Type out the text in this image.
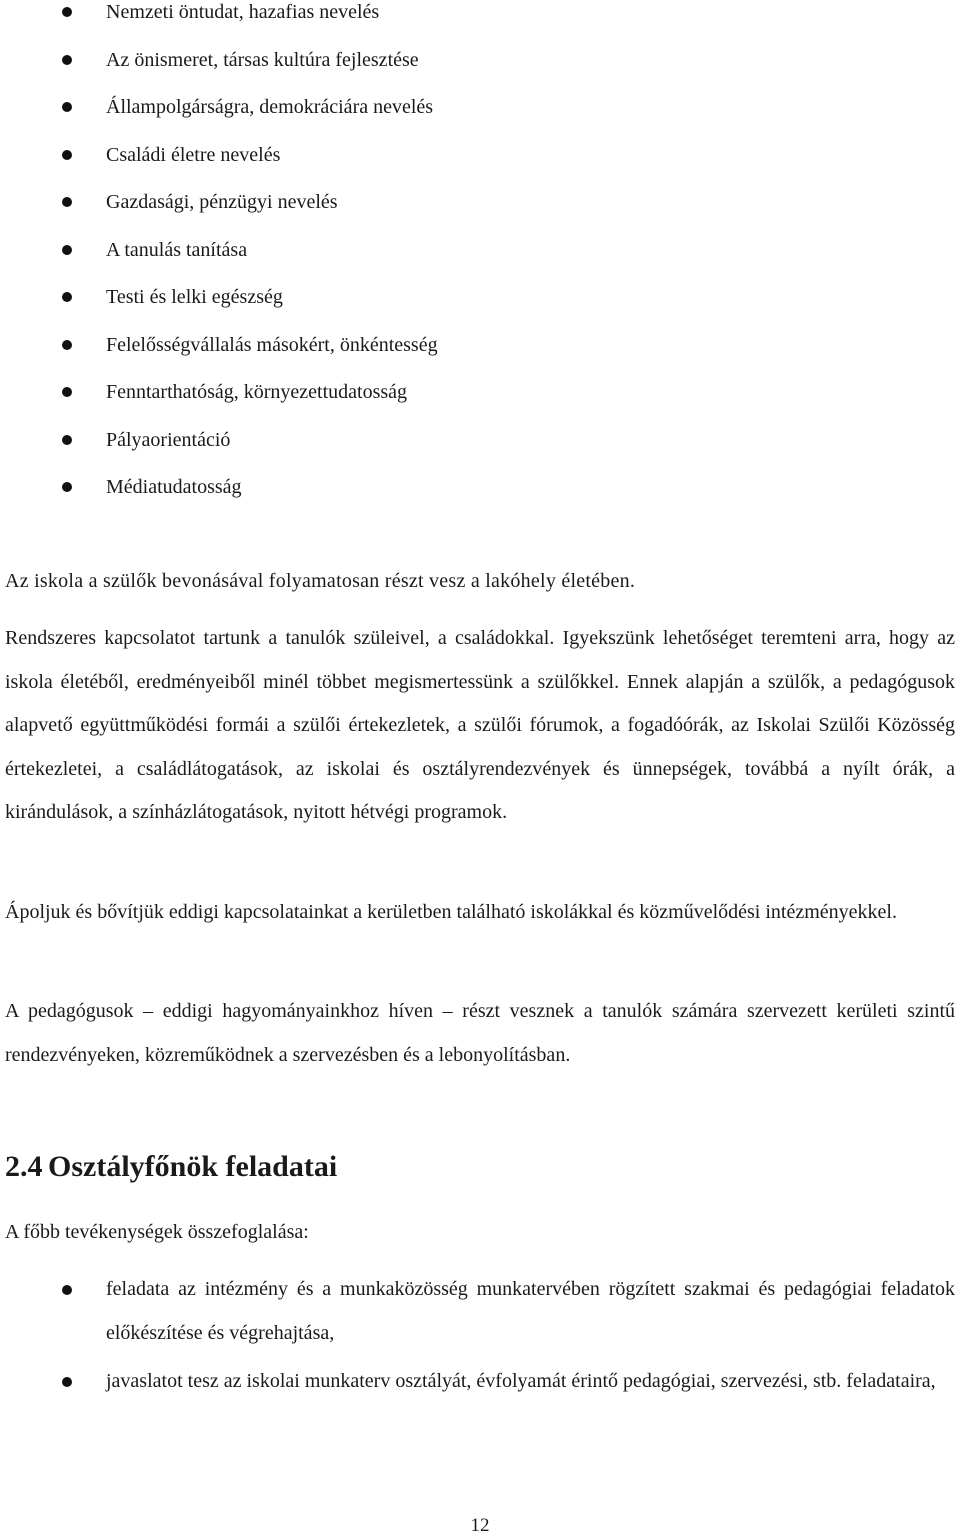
Nemzeti öntudat, hazafias nevelés
Az önismeret, társas kultúra fejlesztése
Állampolgárságra, demokráciára nevelés
Családi életre nevelés
Gazdasági, pénzügyi nevelés
A tanulás tanítása
Testi és lelki egészség
Felelősségvállalás másokért, önkéntesség
Fenntarthatóság, környezettudatosság
Pályaorientáció
Médiatudatosság

Az iskola a szülők bevonásával folyamatosan részt vesz a lakóhely életében.

Rendszeres kapcsolatot tartunk a tanulók szüleivel, a családokkal. Igyekszünk lehetőséget teremteni arra, hogy az iskola életéből, eredményeiből minél többet megismertessünk a szülőkkel. Ennek alapján a szülők, a pedagógusok alapvető együttműködési formái a szülői értekezletek, a szülői fórumok, a fogadóórák, az Iskolai Szülői Közösség értekezletei, a családlátogatások, az iskolai és osztályrendezvények és ünnepségek, továbbá a nyílt órák, a kirándulások, a színházlátogatások, nyitott hétvégi programok.

Ápoljuk és bővítjük eddigi kapcsolatainkat a kerületben található iskolákkal és közművelődési intézményekkel.

A pedagógusok – eddigi hagyományainkhoz híven – részt vesznek a tanulók számára szervezett kerületi szintű rendezvényeken, közreműködnek a szervezésben és a lebonyolításban.

2.4 Osztályfőnök feladatai

A főbb tevékenységek összefoglalása:

feladata az intézmény és a munkaközösség munkatervében rögzített szakmai és pedagógiai feladatok előkészítése és végrehajtása,
javaslatot tesz az iskolai munkaterv osztályát, évfolyamát érintő pedagógiai, szervezési, stb. feladataira,
12
